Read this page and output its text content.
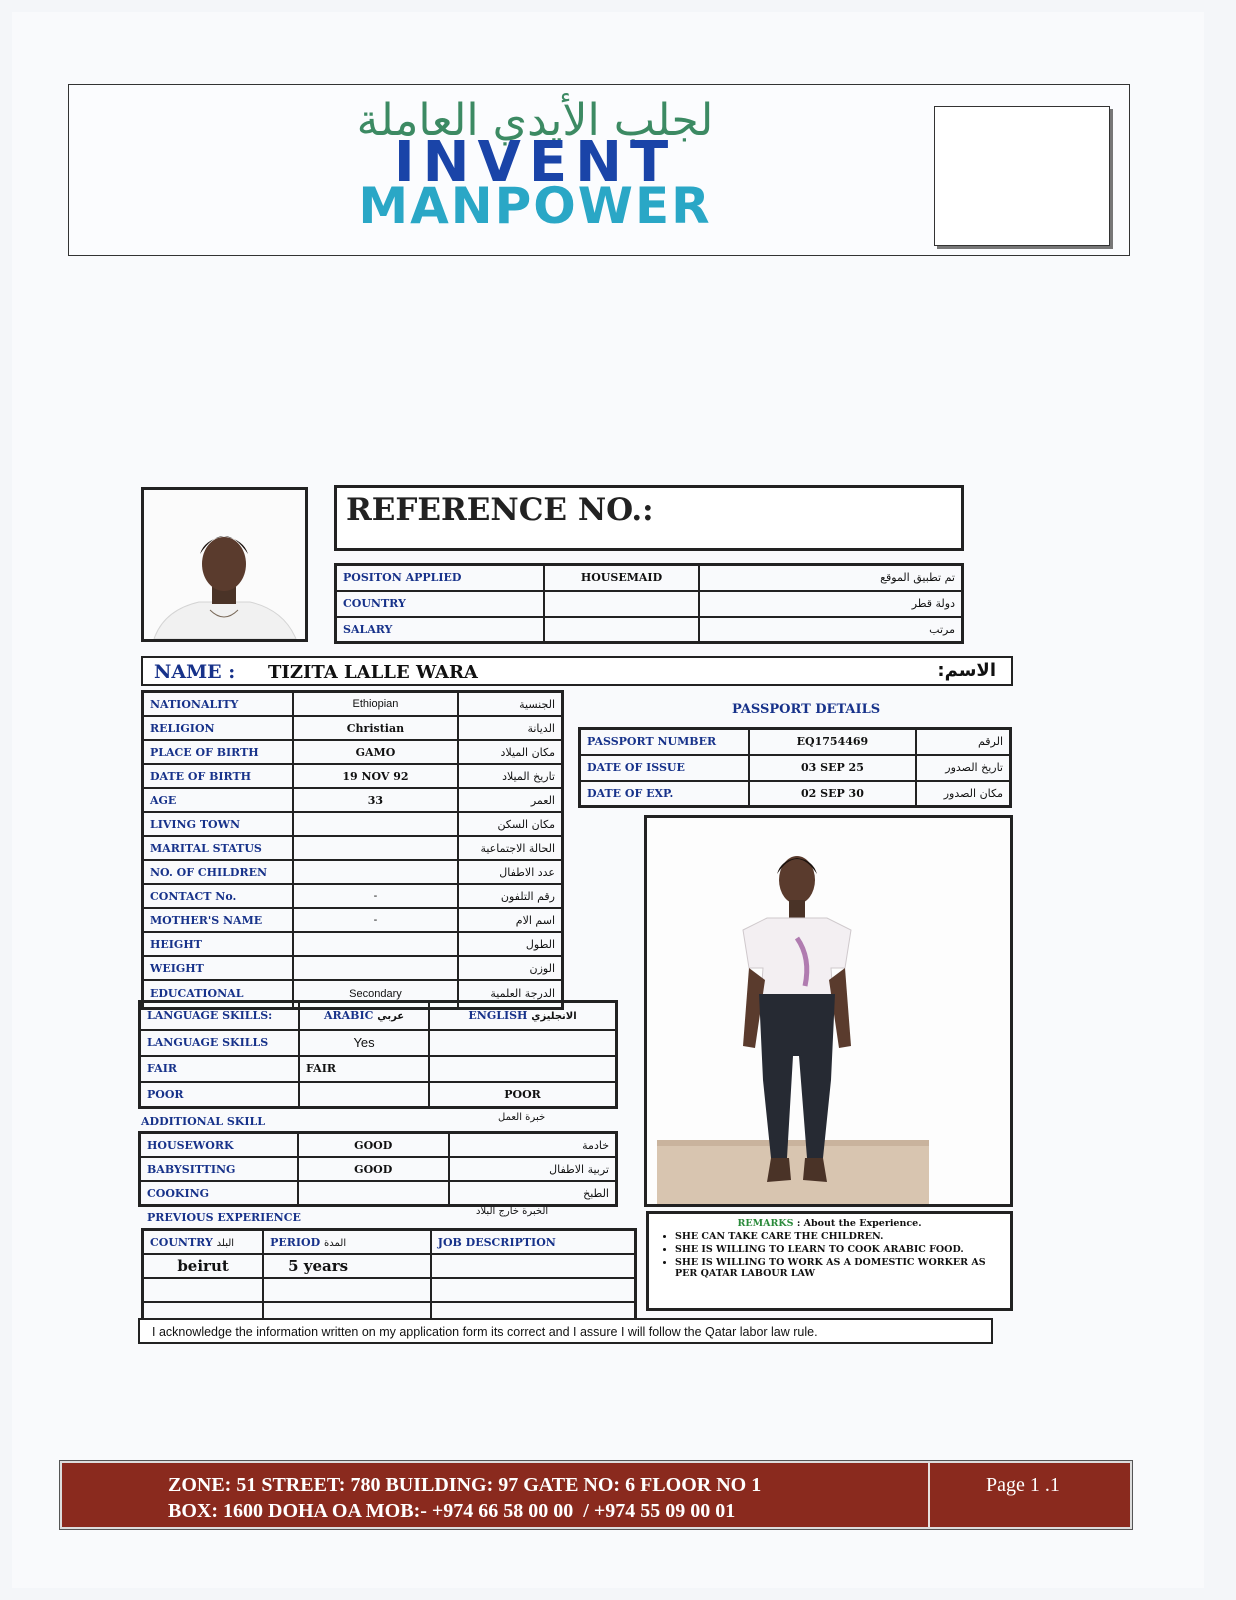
لجلب الأيدي العاملة
INVENT
MANPOWER
REFERENCE NO.:
POSITON APPLIED	HOUSEMAID	تم تطبيق الموقع
COUNTRY		دولة قطر
SALARY		مرتب
NAME : TIZITA LALLE WARA	الاسم:
NATIONALITY	Ethiopian	الجنسية
RELIGION	Christian	الديانة
PLACE OF BIRTH	GAMO	مكان الميلاد
DATE OF BIRTH	19 NOV 92	تاريخ الميلاد
AGE	33	العمر
LIVING TOWN		مكان السكن
MARITAL STATUS		الحالة الاجتماعية
NO. OF CHILDREN		عدد الاطفال
CONTACT No.	-	رقم التلفون
MOTHER'S NAME	-	اسم الام
HEIGHT		الطول
WEIGHT		الوزن
EDUCATIONAL	Secondary	الدرجة العلمية
PASSPORT DETAILS
PASSPORT NUMBER	EQ1754469	الرقم
DATE OF ISSUE	03 SEP 25	تاريخ الصدور
DATE OF EXP.	02 SEP 30	مكان الصدور
LANGUAGE SKILLS:	ARABIC عربي	ENGLISH الانجليزي
LANGUAGE SKILLS	Yes	
FAIR	FAIR	
POOR		POOR
ADDITIONAL SKILL	خبرة العمل
HOUSEWORK	GOOD	خادمة
BABYSITTING	GOOD	تربية الاطفال
COOKING		الطبخ
PREVIOUS EXPERIENCE	الخبرة خارج البلاد
COUNTRY البلد	PERIOD المدة	JOB DESCRIPTION
beirut	5 years	

REMARKS : About the Experience.
• SHE CAN TAKE CARE THE CHILDREN.
• SHE IS WILLING TO LEARN TO COOK ARABIC FOOD.
• SHE IS WILLING TO WORK AS A DOMESTIC WORKER AS PER QATAR LABOUR LAW
I acknowledge the information written on my application form its correct and I assure I will follow the Qatar labor law rule.
ZONE: 51 STREET: 780 BUILDING: 97 GATE NO: 6 FLOOR NO 1
BOX: 1600 DOHA OA MOB:- +974 66 58 00 00  / +974 55 09 00 01
Page 1 .1
